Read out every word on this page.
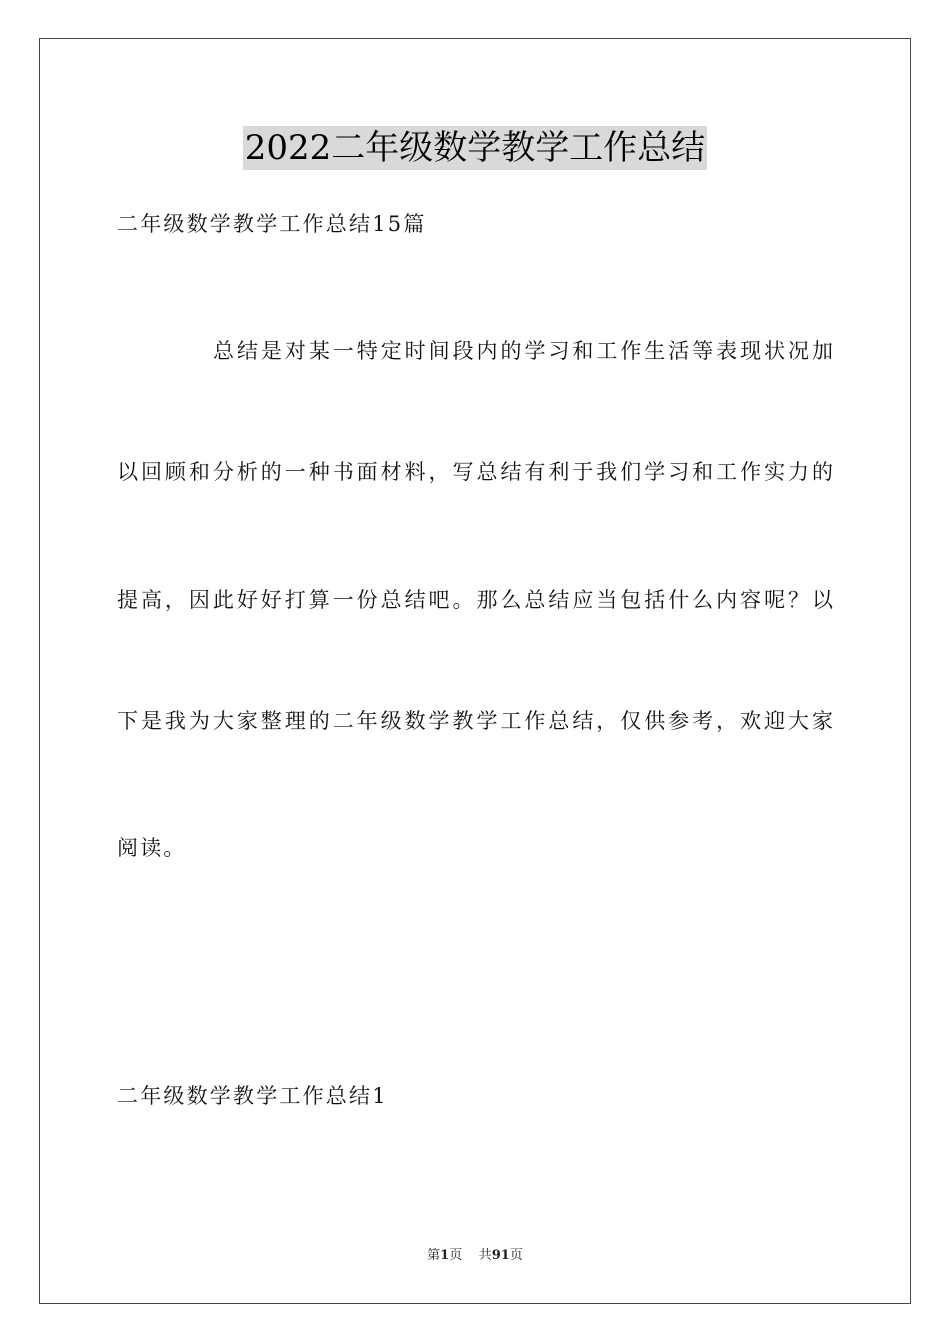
2022二年级数学教学工作总结

二年级数学教学工作总结15篇

总结是对某一特定时间段内的学习和工作生活等表现状况加

以回顾和分析的一种书面材料，写总结有利于我们学习和工作实力的

提高，因此好好打算一份总结吧。那么总结应当包括什么内容呢？以

下是我为大家整理的二年级数学教学工作总结，仅供参考，欢迎大家

阅读。

二年级数学教学工作总结1

第1页 共91页
